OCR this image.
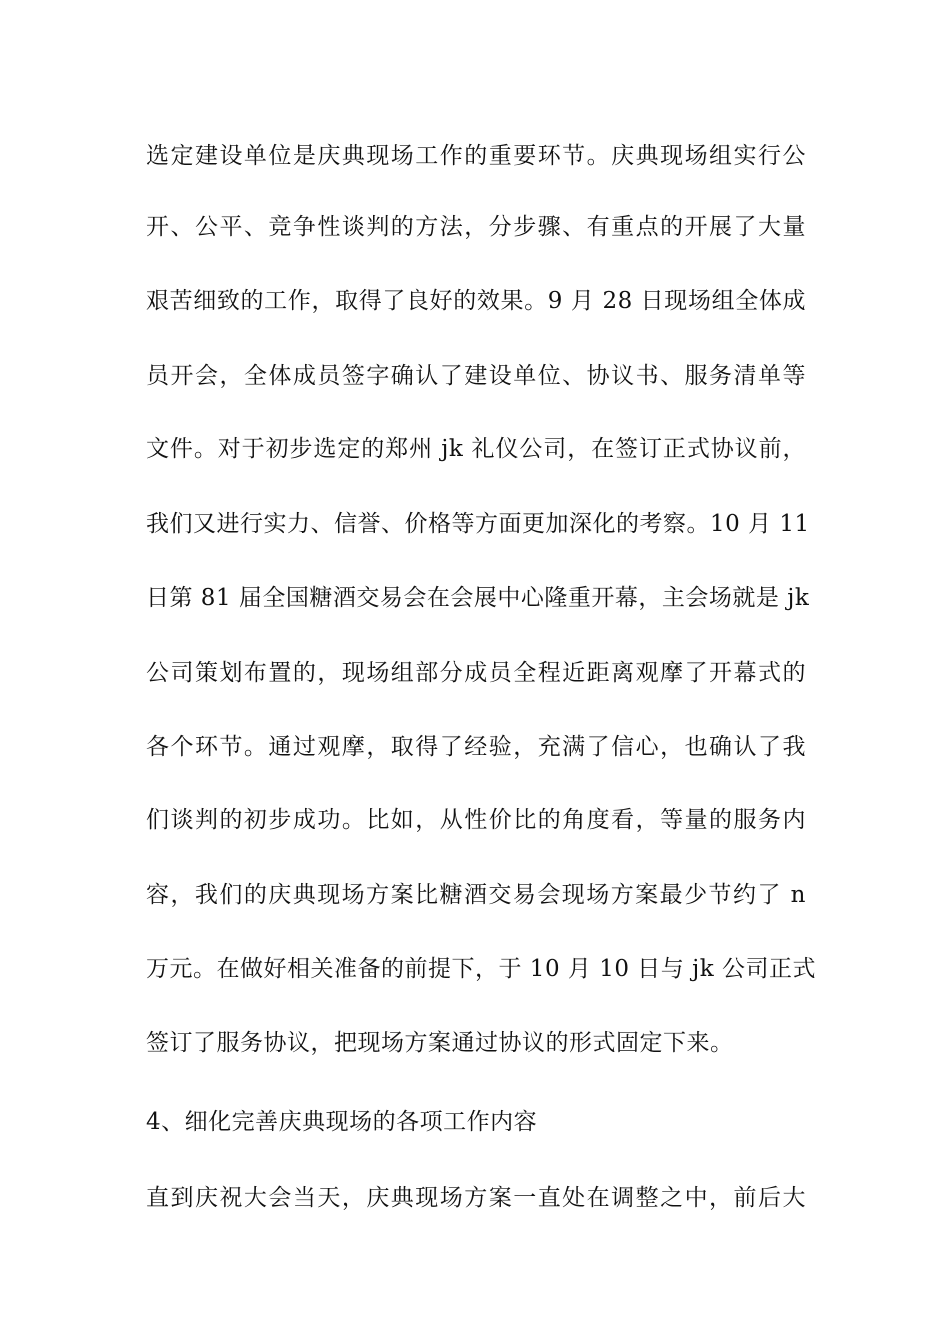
选定建设单位是庆典现场工作的重要环节。庆典现场组实行公
开、公平、竞争性谈判的方法，分步骤、有重点的开展了大量
艰苦细致的工作，取得了良好的效果。9 月 28 日现场组全体成
员开会，全体成员签字确认了建设单位、协议书、服务清单等
文件。对于初步选定的郑州 jk 礼仪公司，在签订正式协议前，
我们又进行实力、信誉、价格等方面更加深化的考察。10 月 11
日第 81 届全国糖酒交易会在会展中心隆重开幕，主会场就是 jk
公司策划布置的，现场组部分成员全程近距离观摩了开幕式的
各个环节。通过观摩，取得了经验，充满了信心，也确认了我
们谈判的初步成功。比如，从性价比的角度看，等量的服务内
容，我们的庆典现场方案比糖酒交易会现场方案最少节约了 n
万元。在做好相关准备的前提下，于 10 月 10 日与 jk 公司正式
签订了服务协议，把现场方案通过协议的形式固定下来。
4、细化完善庆典现场的各项工作内容
直到庆祝大会当天，庆典现场方案一直处在调整之中，前后大
